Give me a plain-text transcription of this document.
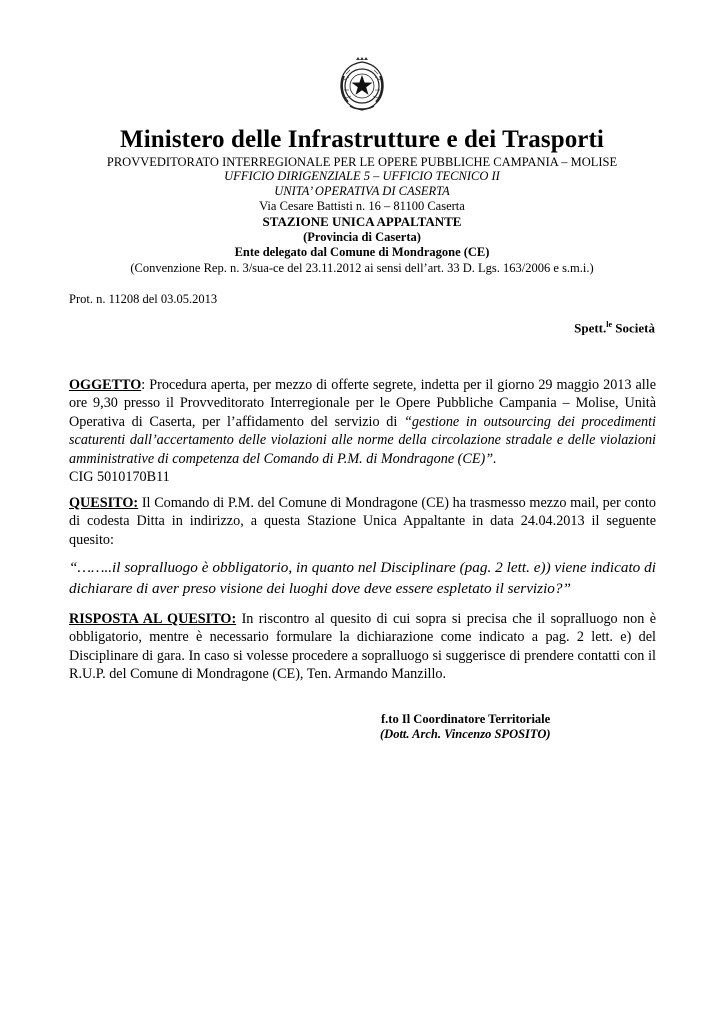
Ministero delle Infrastrutture e dei Trasporti

PROVVEDITORATO INTERREGIONALE PER LE OPERE PUBBLICHE CAMPANIA – MOLISE

UFFICIO DIRIGENZIALE 5 – UFFICIO TECNICO II

UNITA’ OPERATIVA DI CASERTA

Via Cesare Battisti n. 16 – 81100 Caserta

STAZIONE UNICA APPALTANTE

(Provincia di Caserta)

Ente delegato dal Comune di Mondragone (CE)

(Convenzione Rep. n. 3/sua-ce del 23.11.2012 ai sensi dell’art. 33 D. Lgs. 163/2006 e s.m.i.)

Prot. n. 11208 del 03.05.2013
Spett.$^{le}$ Società

OGGETTO: Procedura aperta, per mezzo di offerte segrete, indetta per il giorno 29 maggio 2013 alle ore 9,30 presso il Provveditorato Interregionale per le Opere Pubbliche Campania – Molise, Unità Operativa di Caserta, per l’affidamento del servizio di “gestione in outsourcing dei procedimenti scaturenti dall’accertamento delle violazioni alle norme della circolazione stradale e delle violazioni amministrative di competenza del Comando di P.M. di Mondragone (CE)”.
CIG 5010170B11

QUESITO: Il Comando di P.M. del Comune di Mondragone (CE) ha trasmesso mezzo mail, per conto di codesta Ditta in indirizzo, a questa Stazione Unica Appaltante in data 24.04.2013 il seguente quesito:

“……..il sopralluogo è obbligatorio, in quanto nel Disciplinare (pag. 2 lett. e)) viene indicato di dichiarare di aver preso visione dei luoghi dove deve essere espletato il servizio?”

RISPOSTA AL QUESITO: In riscontro al quesito di cui sopra si precisa che il sopralluogo non è obbligatorio, mentre è necessario formulare la dichiarazione come indicato a pag. 2 lett. e) del Disciplinare di gara. In caso si volesse procedere a sopralluogo si suggerisce di prendere contatti con il R.U.P. del Comune di Mondragone (CE), Ten. Armando Manzillo.

f.to Il Coordinatore Territoriale
(Dott. Arch. Vincenzo SPOSITO)
